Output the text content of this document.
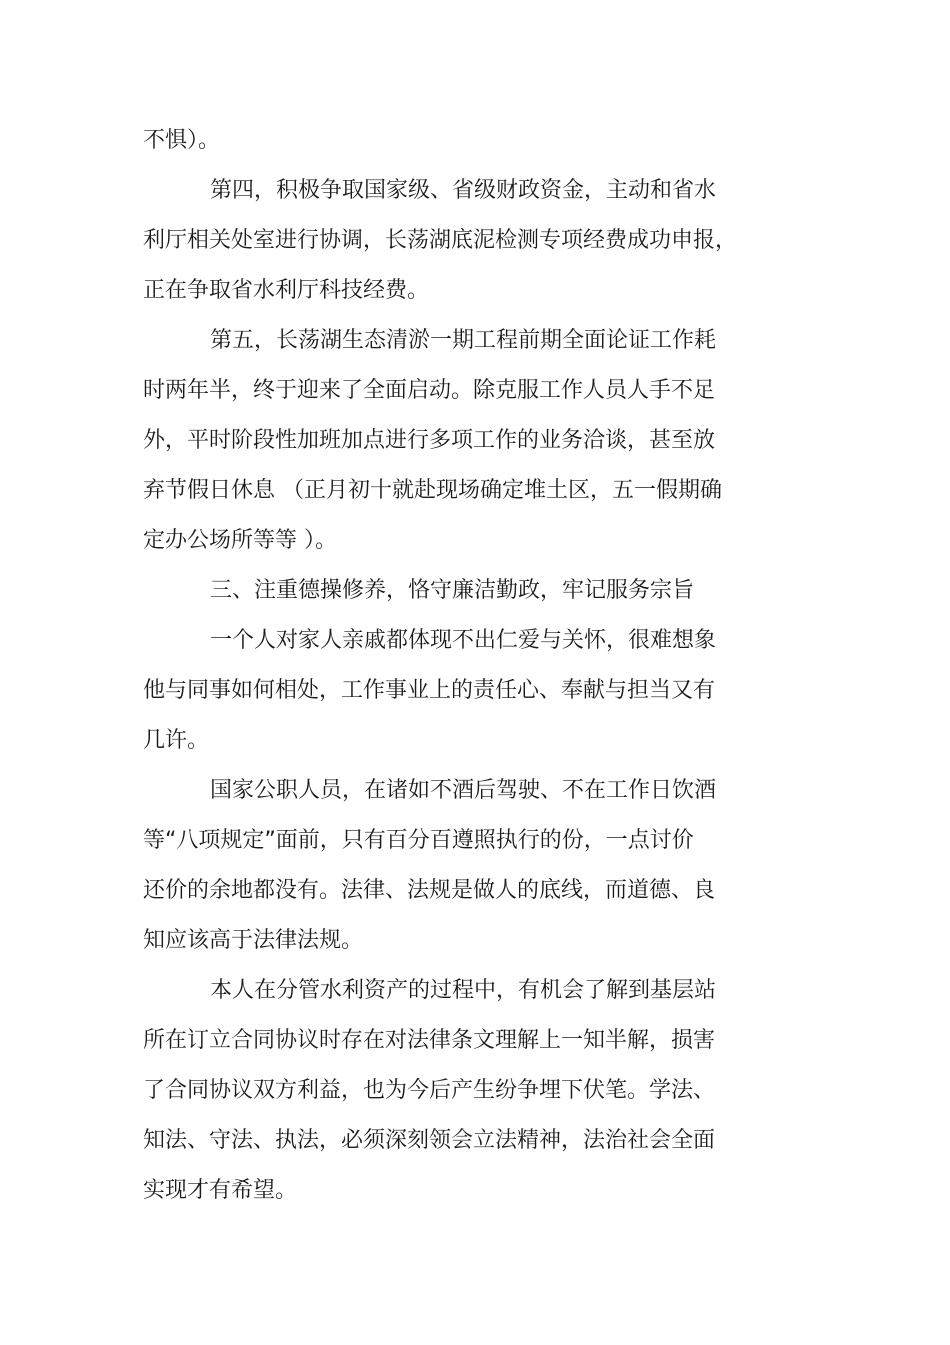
不惧）。

第四，积极争取国家级、省级财政资金，主动和省水

利厅相关处室进行协调，长荡湖底泥检测专项经费成功申报，

正在争取省水利厅科技经费。

第五，长荡湖生态清淤一期工程前期全面论证工作耗

时两年半，终于迎来了全面启动。除克服工作人员人手不足

外，平时阶段性加班加点进行多项工作的业务洽谈，甚至放

弃节假日休息 （正月初十就赴现场确定堆土区，五一假期确

定办公场所等等 ）。

三、注重德操修养，恪守廉洁勤政，牢记服务宗旨

一个人对家人亲戚都体现不出仁爱与关怀，很难想象

他与同事如何相处，工作事业上的责任心、奉献与担当又有

几许。

国家公职人员，在诸如不酒后驾驶、不在工作日饮酒

等“八项规定”面前，只有百分百遵照执行的份，一点讨价

还价的余地都没有。法律、法规是做人的底线，而道德、良

知应该高于法律法规。

本人在分管水利资产的过程中，有机会了解到基层站

所在订立合同协议时存在对法律条文理解上一知半解，损害

了合同协议双方利益，也为今后产生纷争埋下伏笔。学法、

知法、守法、执法，必须深刻领会立法精神，法治社会全面

实现才有希望。
